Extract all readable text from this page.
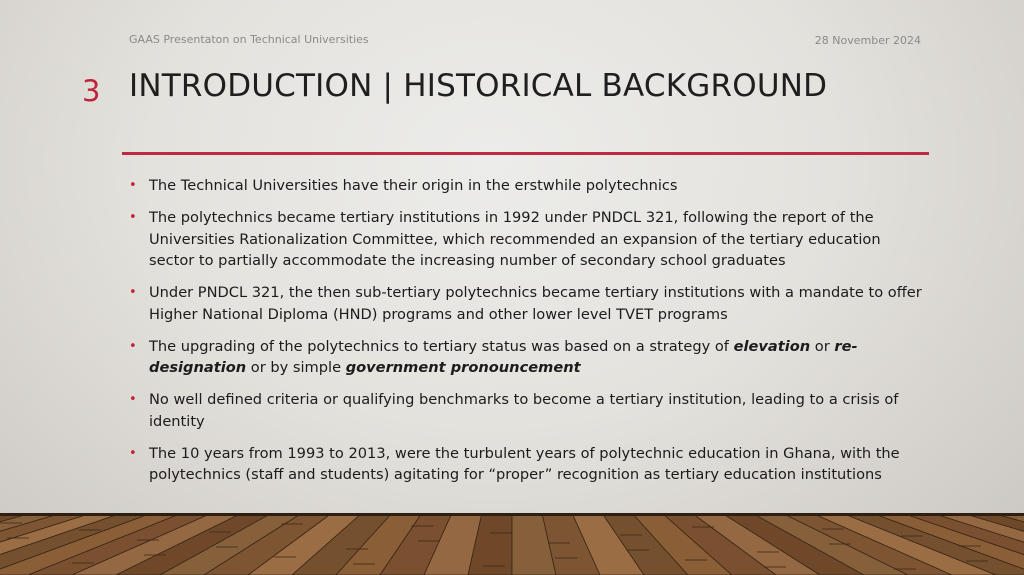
GAAS Presentaton on Technical Universities	28 November 2024
3 INTRODUCTION | HISTORICAL BACKGROUND
• The Technical Universities have their origin in the erstwhile polytechnics
• The polytechnics became tertiary institutions in 1992 under PNDCL 321, following the report of the Universities Rationalization Committee, which recommended an expansion of the tertiary education sector to partially accommodate the increasing number of secondary school graduates
• Under PNDCL 321, the then sub-tertiary polytechnics became tertiary institutions with a mandate to offer Higher National Diploma (HND) programs and other lower level TVET programs
• The upgrading of the polytechnics to tertiary status was based on a strategy of elevation or re-designation or by simple government pronouncement
• No well defined criteria or qualifying benchmarks to become a tertiary institution, leading to a crisis of identity
• The 10 years from 1993 to 2013, were the turbulent years of polytechnic education in Ghana, with the polytechnics (staff and students) agitating for “proper” recognition as tertiary education institutions
